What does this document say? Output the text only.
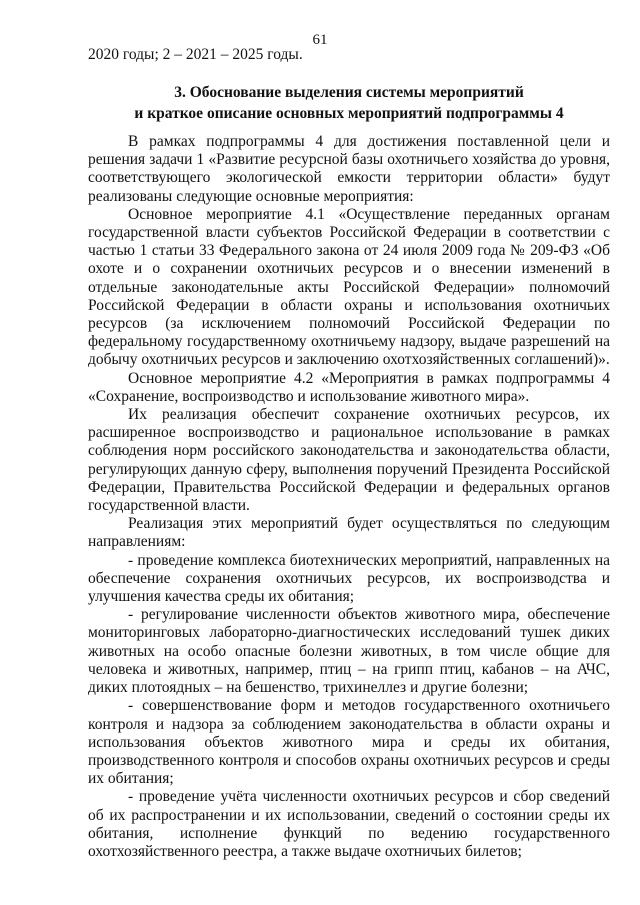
61
2020 годы; 2 – 2021 – 2025 годы.
3. Обоснование выделения системы мероприятий
и краткое описание основных мероприятий подпрограммы 4

В рамках подпрограммы 4 для достижения поставленной цели и решения задачи 1 «Развитие ресурсной базы охотничьего хозяйства до уровня, соответствующего экологической емкости территории области» будут реализованы следующие основные мероприятия:

Основное мероприятие 4.1 «Осуществление переданных органам государственной власти субъектов Российской Федерации в соответствии с частью 1 статьи 33 Федерального закона от 24 июля 2009 года № 209-ФЗ «Об охоте и о сохранении охотничьих ресурсов и о внесении изменений в отдельные законодательные акты Российской Федерации» полномочий Российской Федерации в области охраны и использования охотничьих ресурсов (за исключением полномочий Российской Федерации по федеральному государственному охотничьему надзору, выдаче разрешений на добычу охотничьих ресурсов и заключению охотхозяйственных соглашений)».

Основное мероприятие 4.2 «Мероприятия в рамках подпрограммы 4 «Сохранение, воспроизводство и использование животного мира».

Их реализация обеспечит сохранение охотничьих ресурсов, их расширенное воспроизводство и рациональное использование в рамках соблюдения норм российского законодательства и законодательства области, регулирующих данную сферу, выполнения поручений Президента Российской Федерации, Правительства Российской Федерации и федеральных органов государственной власти.

Реализация этих мероприятий будет осуществляться по следующим направлениям:

- проведение комплекса биотехнических мероприятий, направленных на обеспечение сохранения охотничьих ресурсов, их воспроизводства и улучшения качества среды их обитания;

- регулирование численности объектов животного мира, обеспечение мониторинговых лабораторно-диагностических исследований тушек диких животных на особо опасные болезни животных, в том числе общие для человека и животных, например, птиц – на грипп птиц, кабанов – на АЧС, диких плотоядных – на бешенство, трихинеллез и другие болезни;

- совершенствование форм и методов государственного охотничьего контроля и надзора за соблюдением законодательства в области охраны и использования объектов животного мира и среды их обитания, производственного контроля и способов охраны охотничьих ресурсов и среды их обитания;

- проведение учёта численности охотничьих ресурсов и сбор сведений об их распространении и их использовании, сведений о состоянии среды их обитания, исполнение функций по ведению государственного охотхозяйственного реестра, а также выдаче охотничьих билетов;
